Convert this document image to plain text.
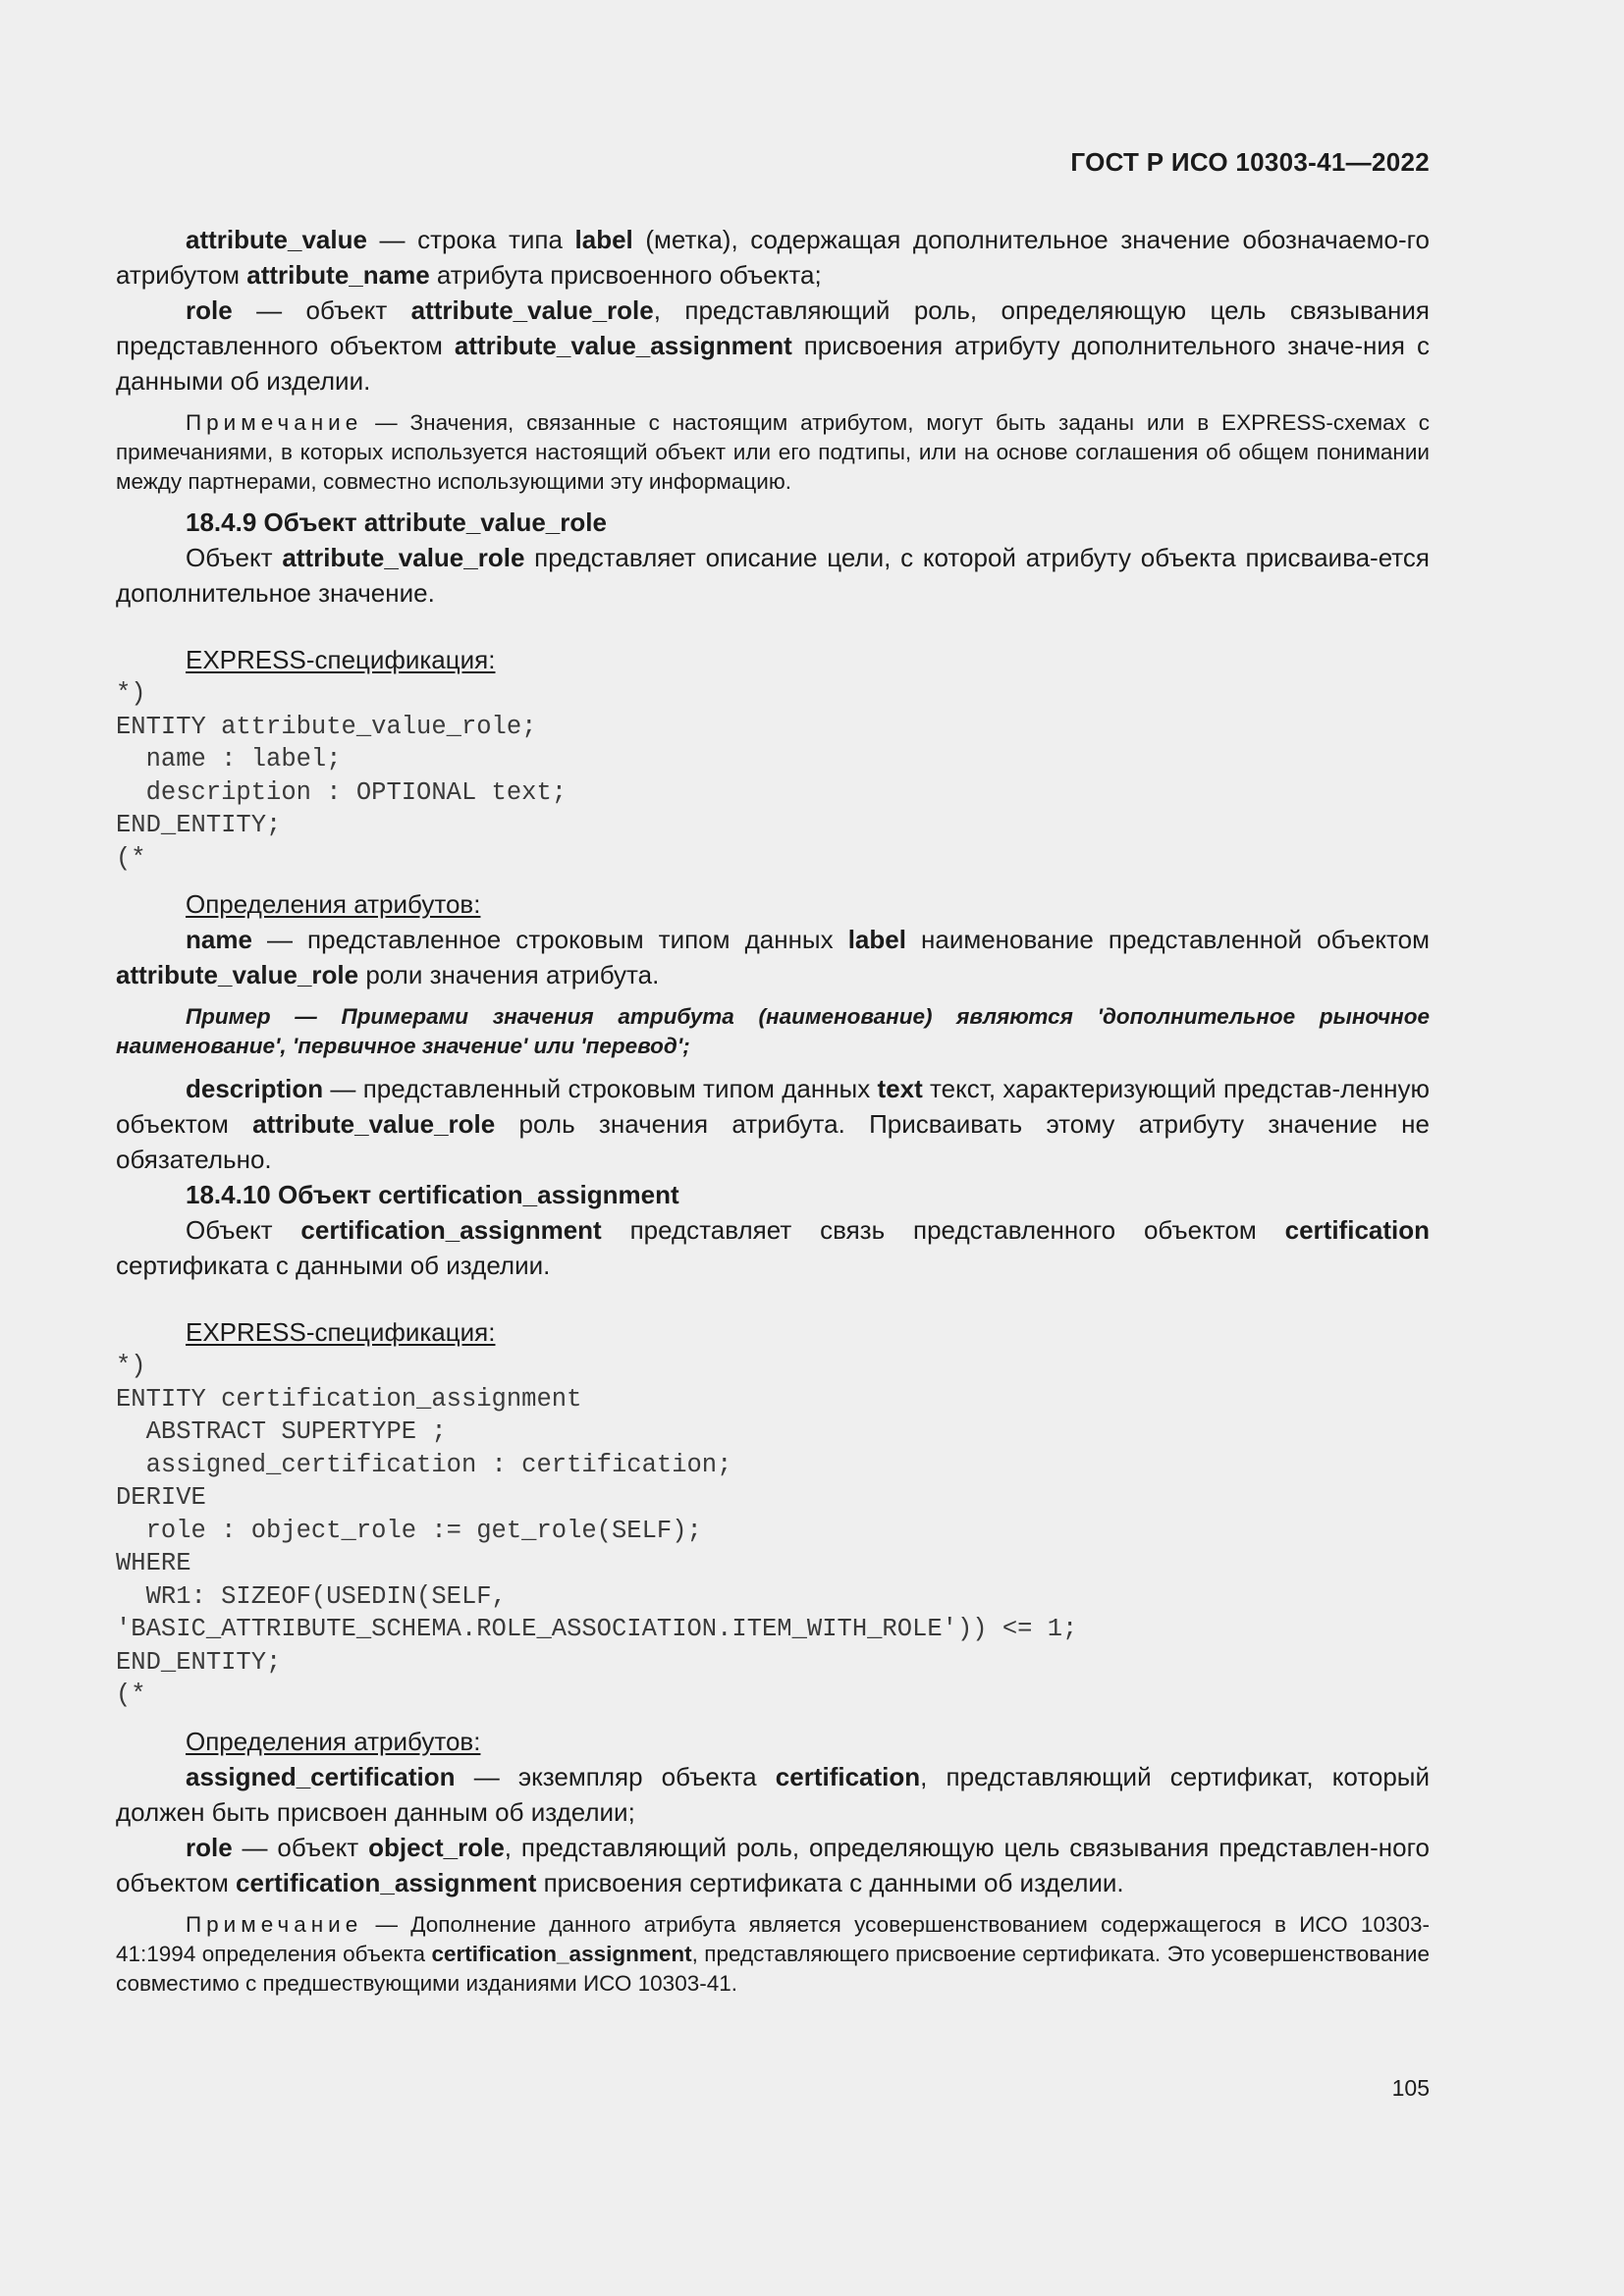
ГОСТ Р ИСО 10303-41—2022

attribute_value — строка типа label (метка), содержащая дополнительное значение обозначаемо-го атрибутом attribute_name атрибута присвоенного объекта;

role — объект attribute_value_role, представляющий роль, определяющую цель связывания представленного объектом attribute_value_assignment присвоения атрибуту дополнительного значе-ния с данными об изделии.

Примечание — Значения, связанные с настоящим атрибутом, могут быть заданы или в EXPRESS-схемах с примечаниями, в которых используется настоящий объект или его подтипы, или на основе соглашения об общем понимании между партнерами, совместно использующими эту информацию.

18.4.9 Объект attribute_value_role

Объект attribute_value_role представляет описание цели, с которой атрибуту объекта присваива-ется дополнительное значение.

EXPRESS-спецификация:

*)
ENTITY attribute_value_role;
name : label;
description : OPTIONAL text;
END_ENTITY;
(*

Определения атрибутов:

name — представленное строковым типом данных label наименование представленной объектом attribute_value_role роли значения атрибута.

Пример — Примерами значения атрибута (наименование) являются 'дополнительное рыночное наименование', 'первичное значение' или 'перевод';

description — представленный строковым типом данных text текст, характеризующий представ-ленную объектом attribute_value_role роль значения атрибута. Присваивать этому атрибуту значение не обязательно.

18.4.10 Объект certification_assignment

Объект certification_assignment представляет связь представленного объектом certification сертификата с данными об изделии.

EXPRESS-спецификация:

*)
ENTITY certification_assignment
ABSTRACT SUPERTYPE ;
assigned_certification : certification;
DERIVE
role : object_role := get_role(SELF);
WHERE
WR1: SIZEOF(USEDIN(SELF,
'BASIC_ATTRIBUTE_SCHEMA.ROLE_ASSOCIATION.ITEM_WITH_ROLE')) <= 1;
END_ENTITY;
(*

Определения атрибутов:

assigned_certification — экземпляр объекта certification, представляющий сертификат, который должен быть присвоен данным об изделии;

role — объект object_role, представляющий роль, определяющую цель связывания представлен-ного объектом certification_assignment присвоения сертификата с данными об изделии.

Примечание — Дополнение данного атрибута является усовершенствованием содержащегося в ИСО 10303-41:1994 определения объекта certification_assignment, представляющего присвоение сертификата. Это усовершенствование совместимо с предшествующими изданиями ИСО 10303-41.

105
